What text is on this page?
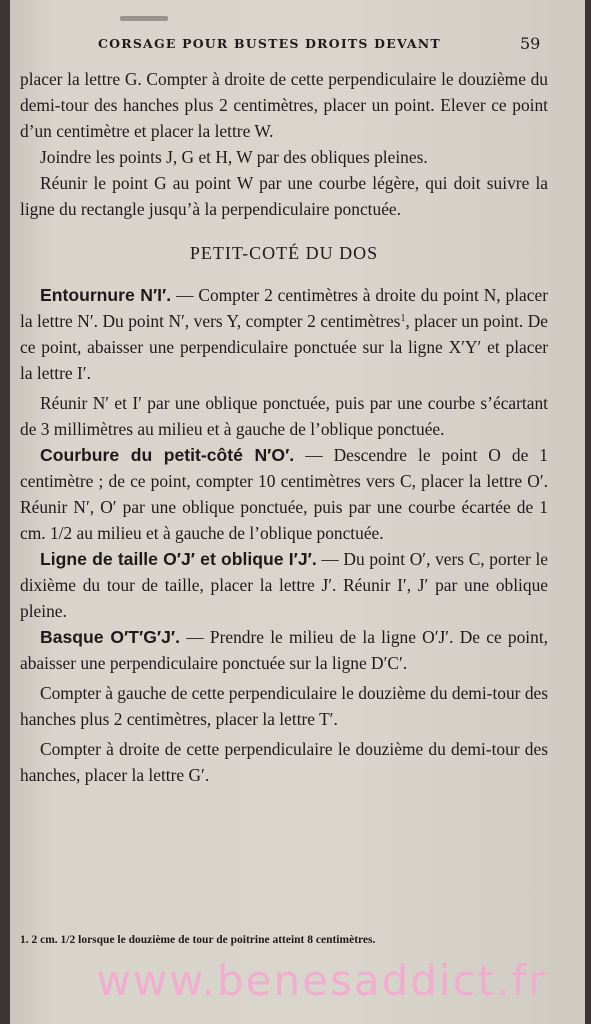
CORSAGE POUR BUSTES DROITS DEVANT	59

placer la lettre G. Compter à droite de cette perpendiculaire le douzième du demi-tour des hanches plus 2 centimètres, placer un point. Elever ce point d’un centimètre et placer la lettre W.

Joindre les points J, G et H, W par des obliques pleines.

Réunir le point G au point W par une courbe légère, qui doit suivre la ligne du rectangle jusqu’à la perpendiculaire ponctuée.

PETIT-COTÉ DU DOS

Entournure N′I′. — Compter 2 centimètres à droite du point N, placer la lettre N′. Du point N′, vers Y, compter 2 centimètres$^1$, placer un point. De ce point, abaisser une perpendiculaire ponctuée sur la ligne X′Y′ et placer la lettre I′.

Réunir N′ et I′ par une oblique ponctuée, puis par une courbe s’écartant de 3 millimètres au milieu et à gauche de l’oblique ponctuée.

Courbure du petit-côté N′O′. — Descendre le point O de 1 centimètre ; de ce point, compter 10 centimètres vers C, placer la lettre O′. Réunir N′, O′ par une oblique ponctuée, puis par une courbe écartée de 1 cm. 1/2 au milieu et à gauche de l’oblique ponctuée.

Ligne de taille O′J′ et oblique I′J′. — Du point O′, vers C, porter le dixième du tour de taille, placer la lettre J′. Réunir I′, J′ par une oblique pleine.

Basque O′T′G′J′. — Prendre le milieu de la ligne O′J′. De ce point, abaisser une perpendiculaire ponctuée sur la ligne D′C′.

Compter à gauche de cette perpendiculaire le douzième du demi-tour des hanches plus 2 centimètres, placer la lettre T′.

Compter à droite de cette perpendiculaire le douzième du demi-tour des hanches, placer la lettre G′.

1. 2 cm. 1/2 lorsque le douzième de tour de poitrine atteint 8 centimètres.
www.benesaddict.fr
